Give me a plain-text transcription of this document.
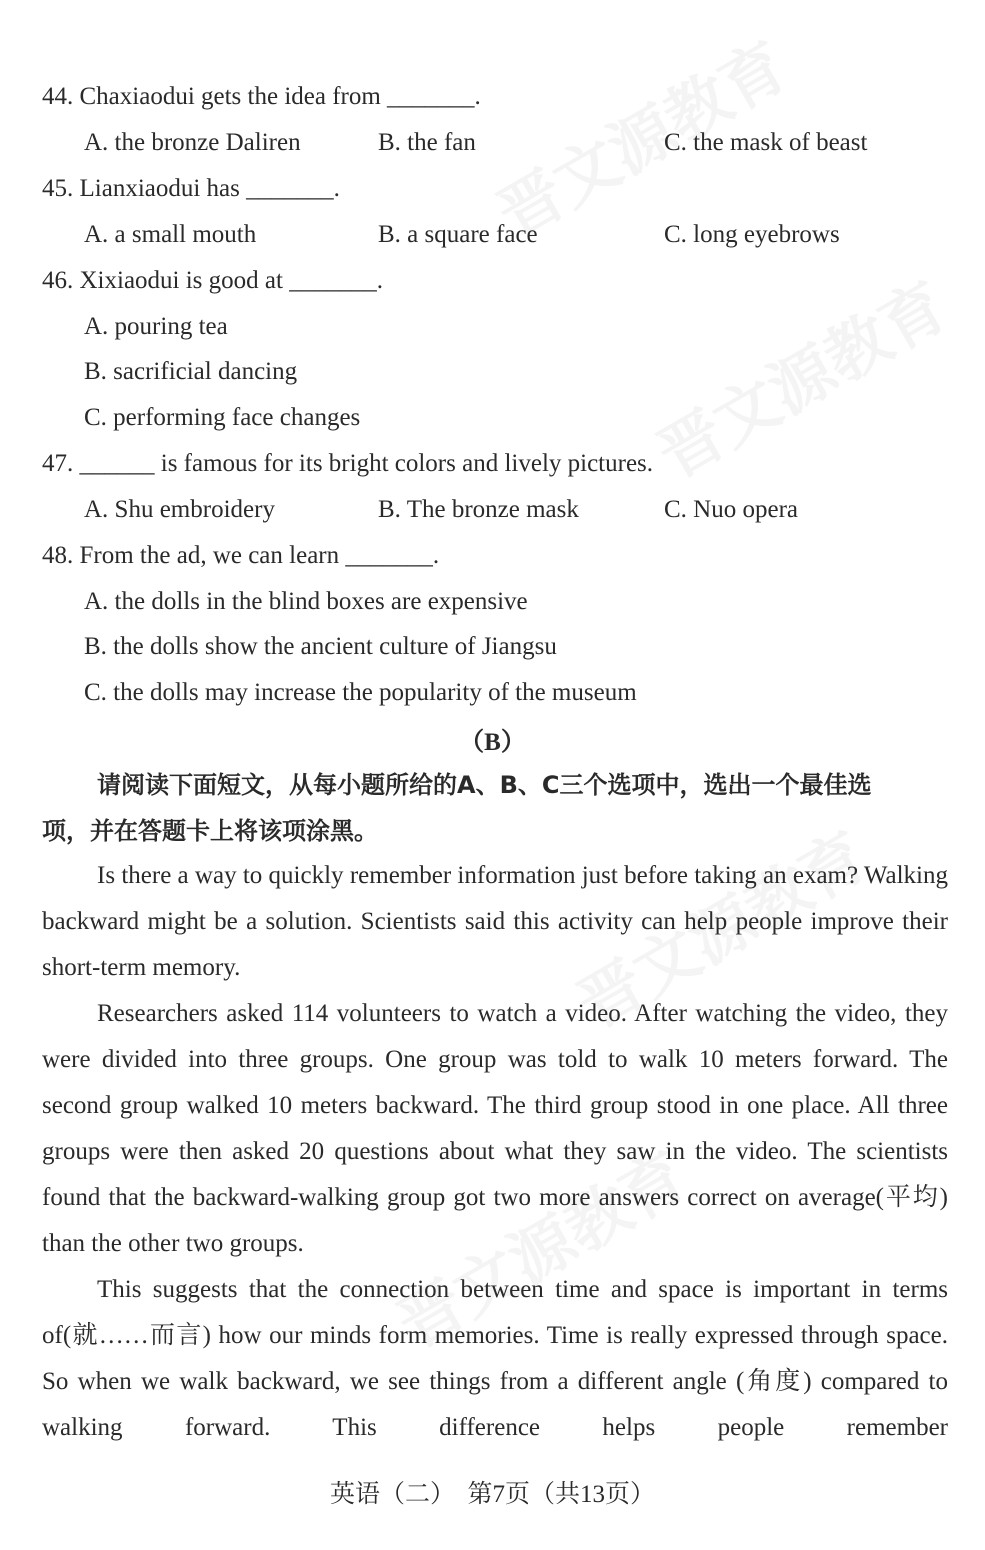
44. Chaxiaodui gets the idea from _______.
A. the bronze Daliren	B. the fan	C. the mask of beast
45. Lianxiaodui has _______.
A. a small mouth	B. a square face	C. long eyebrows
46. Xixiaodui is good at _______.
A. pouring tea
B. sacrificial dancing
C. performing face changes
47. ______ is famous for its bright colors and lively pictures.
A. Shu embroidery	B. The bronze mask	C. Nuo opera
48. From the ad, we can learn _______.
A. the dolls in the blind boxes are expensive
B. the dolls show the ancient culture of Jiangsu
C. the dolls may increase the popularity of the museum
（B）
请阅读下面短文，从每小题所给的A、B、C三个选项中，选出一个最佳选
项，并在答题卡上将该项涂黑。

Is there a way to quickly remember information just before taking an exam? Walking backward might be a solution. Scientists said this activity can help people improve their short-term memory.

Researchers asked 114 volunteers to watch a video. After watching the video, they were divided into three groups. One group was told to walk 10 meters forward. The second group walked 10 meters backward. The third group stood in one place. All three groups were then asked 20 questions about what they saw in the video. The scientists found that the backward-walking group got two more answers correct on average(平均) than the other two groups.

This suggests that the connection between time and space is important in terms of(就……而言) how our minds form memories. Time is really expressed through space. So when we walk backward, we see things from a different angle (角度) compared to walking forward. This difference helps people remember

英语（二）　第7页（共13页）
